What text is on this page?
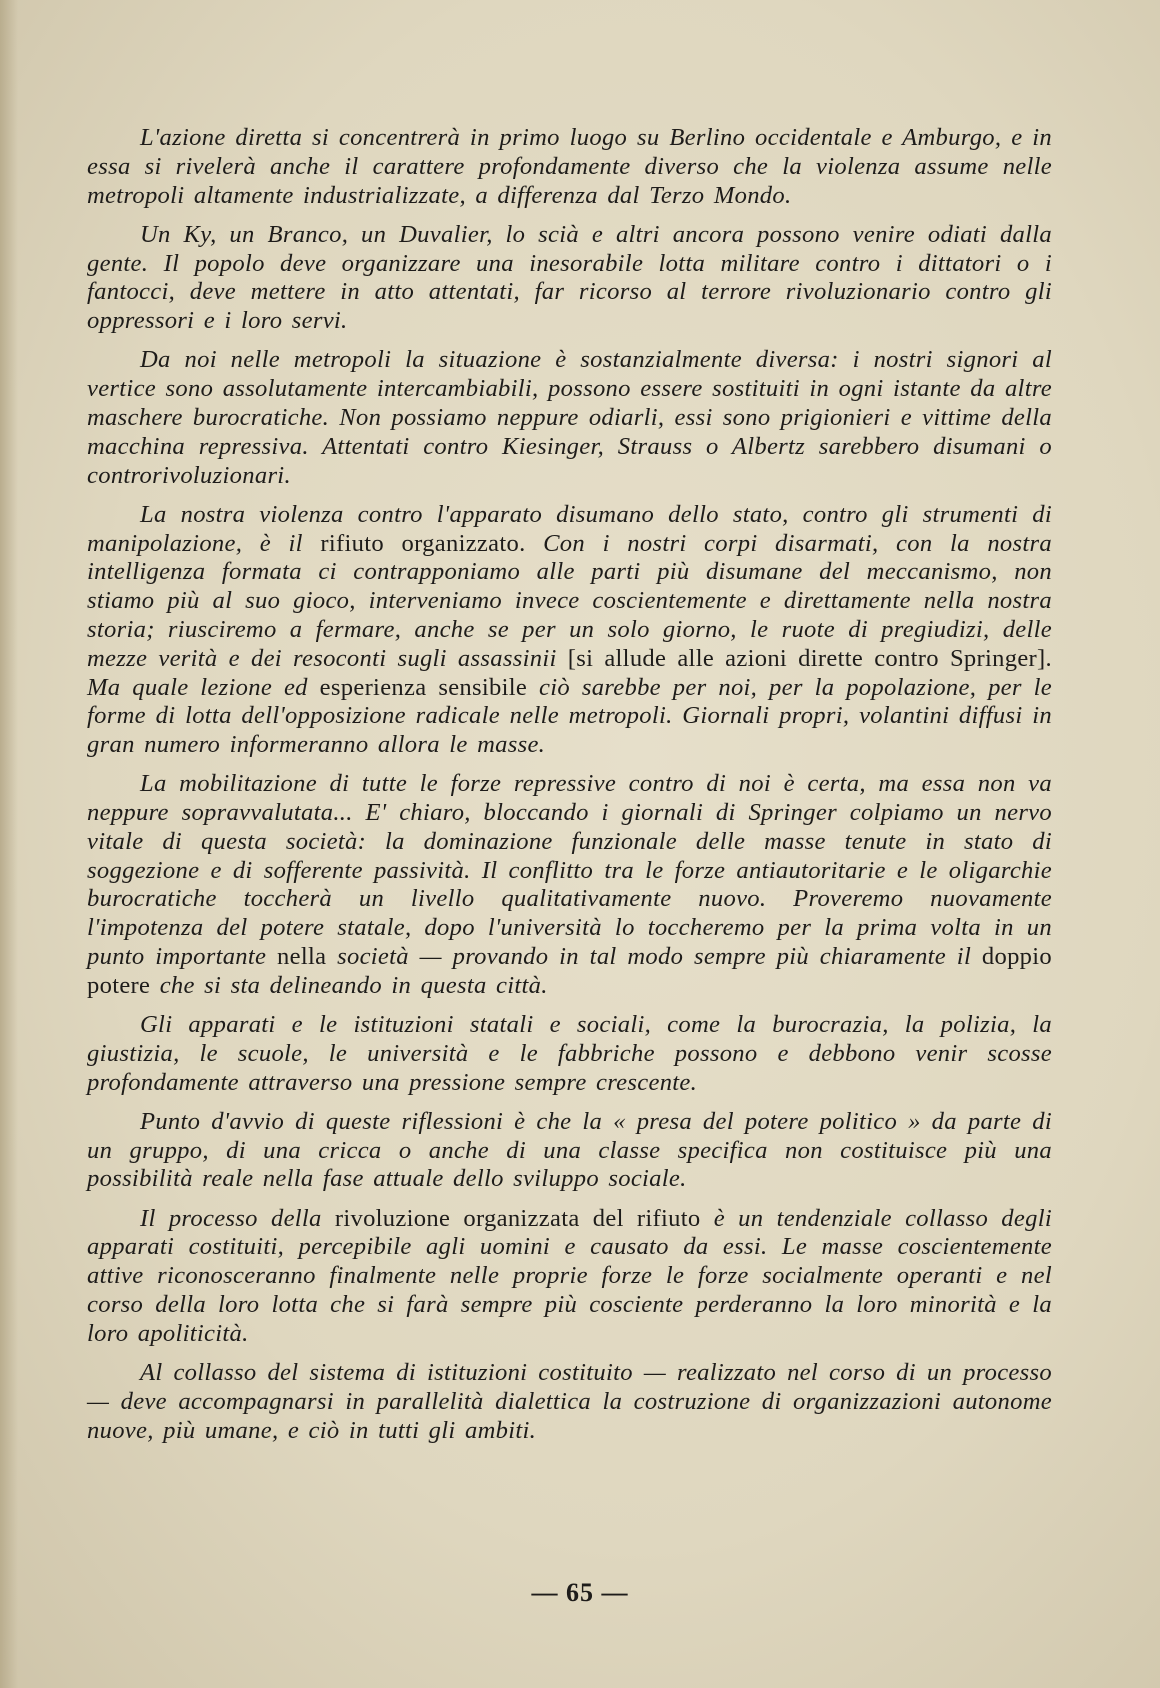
L'azione diretta si concentrerà in primo luogo su Berlino occidentale e Amburgo, e in essa si rivelerà anche il carattere profondamente diverso che la violenza assume nelle metropoli altamente industrializzate, a differenza dal Terzo Mondo.

Un Ky, un Branco, un Duvalier, lo scià e altri ancora possono venire odiati dalla gente. Il popolo deve organizzare una inesorabile lotta militare contro i dittatori o i fantocci, deve mettere in atto attentati, far ricorso al terrore rivoluzionario contro gli oppressori e i loro servi.

Da noi nelle metropoli la situazione è sostanzialmente diversa: i nostri signori al vertice sono assolutamente intercambiabili, possono essere sostituiti in ogni istante da altre maschere burocratiche. Non possiamo neppure odiarli, essi sono prigionieri e vittime della macchina repressiva. Attentati contro Kiesinger, Strauss o Albertz sarebbero disumani o controrivoluzionari.

La nostra violenza contro l'apparato disumano dello stato, contro gli strumenti di manipolazione, è il rifiuto organizzato. Con i nostri corpi disarmati, con la nostra intelligenza formata ci contrapponiamo alle parti più disumane del meccanismo, non stiamo più al suo gioco, interveniamo invece coscientemente e direttamente nella nostra storia; riusciremo a fermare, anche se per un solo giorno, le ruote di pregiudizi, delle mezze verità e dei resoconti sugli assassinii [si allude alle azioni dirette contro Springer]. Ma quale lezione ed esperienza sensibile ciò sarebbe per noi, per la popolazione, per le forme di lotta dell'opposizione radicale nelle metropoli. Giornali propri, volantini diffusi in gran numero informeranno allora le masse.

La mobilitazione di tutte le forze repressive contro di noi è certa, ma essa non va neppure sopravvalutata... E' chiaro, bloccando i giornali di Springer colpiamo un nervo vitale di questa società: la dominazione funzionale delle masse tenute in stato di soggezione e di sofferente passività. Il conflitto tra le forze antiautoritarie e le oligarchie burocratiche toccherà un livello qualitativamente nuovo. Proveremo nuovamente l'impotenza del potere statale, dopo l'università lo toccheremo per la prima volta in un punto importante nella società — provando in tal modo sempre più chiaramente il doppio potere che si sta delineando in questa città.

Gli apparati e le istituzioni statali e sociali, come la burocrazia, la polizia, la giustizia, le scuole, le università e le fabbriche possono e debbono venir scosse profondamente attraverso una pressione sempre crescente.

Punto d'avvio di queste riflessioni è che la « presa del potere politico » da parte di un gruppo, di una cricca o anche di una classe specifica non costituisce più una possibilità reale nella fase attuale dello sviluppo sociale.

Il processo della rivoluzione organizzata del rifiuto è un tendenziale collasso degli apparati costituiti, percepibile agli uomini e causato da essi. Le masse coscientemente attive riconosceranno finalmente nelle proprie forze le forze socialmente operanti e nel corso della loro lotta che si farà sempre più cosciente perderanno la loro minorità e la loro apoliticità.

Al collasso del sistema di istituzioni costituito — realizzato nel corso di un processo — deve accompagnarsi in parallelità dialettica la costruzione di organizzazioni autonome nuove, più umane, e ciò in tutti gli ambiti.

— 65 —
